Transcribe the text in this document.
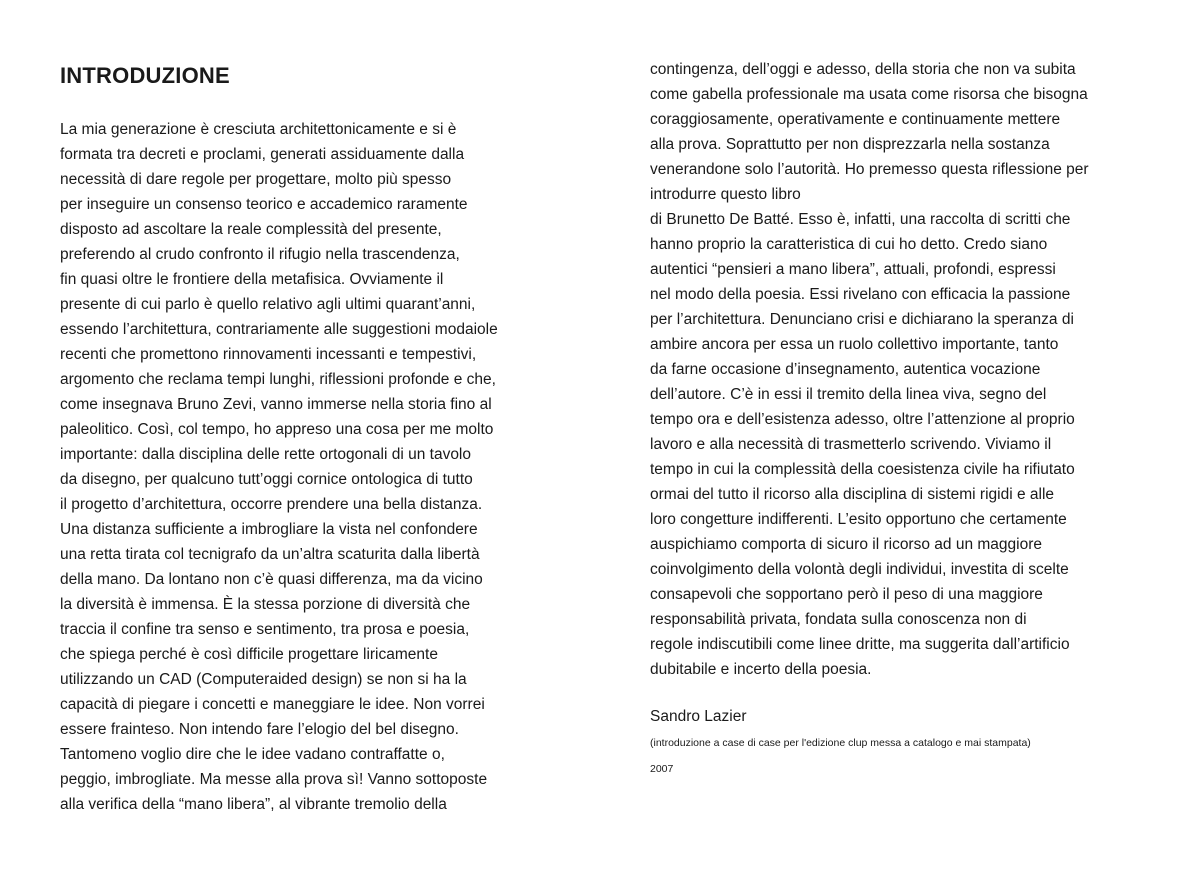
INTRODUZIONE
La mia generazione è cresciuta architettonicamente e si è
formata tra decreti e proclami, generati assiduamente dalla
necessità di dare regole per progettare, molto più spesso
per inseguire un consenso teorico e accademico raramente
disposto ad ascoltare la reale complessità del presente,
preferendo al crudo confronto il rifugio nella trascendenza,
fin quasi oltre le frontiere della metafisica. Ovviamente il
presente di cui parlo è quello relativo agli ultimi quarant’anni,
essendo l’architettura, contrariamente alle suggestioni modaiole
recenti che promettono rinnovamenti incessanti e tempestivi,
argomento che reclama tempi lunghi, riflessioni profonde e che,
come insegnava Bruno Zevi, vanno immerse nella storia fino al
paleolitico. Così, col tempo, ho appreso una cosa per me molto
importante: dalla disciplina delle rette ortogonali di un tavolo
da disegno, per qualcuno tutt’oggi cornice ontologica di tutto
il progetto d’architettura, occorre prendere una bella distanza.
Una distanza sufficiente a imbrogliare la vista nel confondere
una retta tirata col tecnigrafo da un’altra scaturita dalla libertà
della mano. Da lontano non c’è quasi differenza, ma da vicino
la diversità è immensa. È la stessa porzione di diversità che
traccia il confine tra senso e sentimento, tra prosa e poesia,
che spiega perché è così difficile progettare liricamente
utilizzando un CAD (Computeraided design) se non si ha la
capacità di piegare i concetti e maneggiare le idee. Non vorrei
essere frainteso. Non intendo fare l’elogio del bel disegno.
Tantomeno voglio dire che le idee vadano contraffatte o,
peggio, imbrogliate. Ma messe alla prova sì! Vanno sottoposte
alla verifica della “mano libera”, al vibrante tremolio della
contingenza, dell’oggi e adesso, della storia che non va subita
come gabella professionale ma usata come risorsa che bisogna
coraggiosamente, operativamente e continuamente mettere
alla prova. Soprattutto per non disprezzarla nella sostanza
venerandone solo l’autorità. Ho premesso questa riflessione per
introdurre questo libro
di Brunetto De Batté. Esso è, infatti, una raccolta di scritti che
hanno proprio la caratteristica di cui ho detto. Credo siano
autentici “pensieri a mano libera”, attuali, profondi, espressi
nel modo della poesia. Essi rivelano con efficacia la passione
per l’architettura. Denunciano crisi e dichiarano la speranza di
ambire ancora per essa un ruolo collettivo importante, tanto
da farne occasione d’insegnamento, autentica vocazione
dell’autore. C’è in essi il tremito della linea viva, segno del
tempo ora e dell’esistenza adesso, oltre l’attenzione al proprio
lavoro e alla necessità di trasmetterlo scrivendo. Viviamo il
tempo in cui la complessità della coesistenza civile ha rifiutato
ormai del tutto il ricorso alla disciplina di sistemi rigidi e alle
loro congetture indifferenti. L’esito opportuno che certamente
auspichiamo comporta di sicuro il ricorso ad un maggiore
coinvolgimento della volontà degli individui, investita di scelte
consapevoli che sopportano però il peso di una maggiore
responsabilità privata, fondata sulla conoscenza non di
regole indiscutibili come linee dritte, ma suggerita dall’artificio
dubitabile e incerto della poesia.
Sandro Lazier
(introduzione a case di case per l'edizione clup messa a catalogo e mai stampata)
2007
